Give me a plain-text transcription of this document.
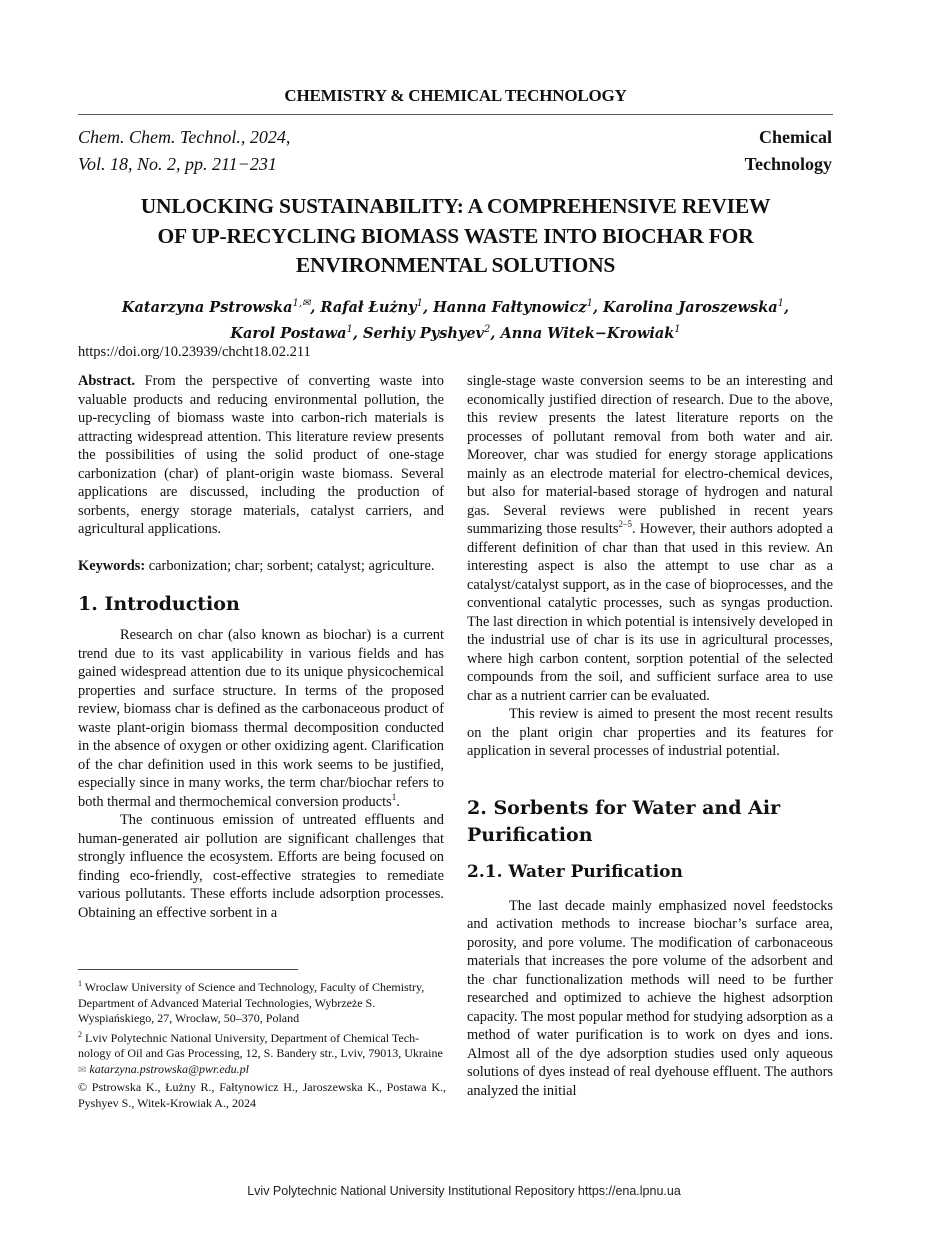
CHEMISTRY & CHEMICAL TECHNOLOGY
Chem. Chem. Technol., 2024,
Vol. 18, No. 2, pp. 211−231
Chemical
Technology
UNLOCKING SUSTAINABILITY: A COMPREHENSIVE REVIEW
OF UP-RECYCLING BIOMASS WASTE INTO BIOCHAR FOR
ENVIRONMENTAL SOLUTIONS
Katarzyna Pstrowska$^{1,✉}$, Rafał Łużny$^1$, Hanna Fałtynowicz$^1$, Karolina Jaroszewska$^1$,
Karol Postawa$^1$, Serhiy Pyshyev$^2$, Anna Witek−Krowiak$^1$
https://doi.org/10.23939/chcht18.02.211

Abstract. From the perspective of converting waste into valuable products and reducing environmental pollution, the up-recycling of biomass waste into carbon-rich materials is attracting widespread attention. This literature review presents the possibilities of using the solid product of one-stage carbonization (char) of plant-origin waste biomass. Several applications are discussed, including the production of sorbents, energy storage materials, catalyst carriers, and agricultural applications.

Keywords: carbonization; char; sorbent; catalyst; agriculture.

1. Introduction

Research on char (also known as biochar) is a current trend due to its vast applicability in various fields and has gained widespread attention due to its unique physicochemical properties and surface structure. In terms of the proposed review, biomass char is defined as the carbonaceous product of waste plant-origin biomass thermal decomposition conducted in the absence of oxygen or other oxidizing agent. Clarification of the char definition used in this work seems to be justified, especially since in many works, the term char/biochar refers to both thermal and thermochemical conversion products$^1$.

The continuous emission of untreated effluents and human-generated air pollution are significant challenges that strongly influence the ecosystem. Efforts are being focused on finding eco-friendly, cost-effective strategies to remediate various pollutants. These efforts include adsorption processes. Obtaining an effective sorbent in a

$^1$ Wroclaw University of Science and Technology, Faculty of Chemistry, Department of Advanced Material Technologies, Wybrzeże S. Wyspiańskiego, 27, Wrocław, 50–370, Poland

$^2$ Lviv Polytechnic National University, Department of Chemical Tech-nology of Oil and Gas Processing, 12, S. Bandery str., Lviv, 79013, Ukraine

✉ katarzyna.pstrowska@pwr.edu.pl

© Pstrowska K., Łużny R., Fałtynowicz H., Jaroszewska K., Postawa K., Pyshyev S., Witek-Krowiak A., 2024

single-stage waste conversion seems to be an interesting and economically justified direction of research. Due to the above, this review presents the latest literature reports on the processes of pollutant removal from both water and air. Moreover, char was studied for energy storage applications mainly as an electrode material for electro-chemical devices, but also for material-based storage of hydrogen and natural gas. Several reviews were published in recent years summarizing those results$^{2-5}$. However, their authors adopted a different definition of char than that used in this review. An interesting aspect is also the attempt to use char as a catalyst/catalyst support, as in the case of bioprocesses, and the conventional catalytic processes, such as syngas production. The last direction in which potential is intensively developed in the industrial use of char is its use in agricultural processes, where high carbon content, sorption potential of the selected compounds from the soil, and sufficient surface area to use char as a nutrient carrier can be evaluated.

This review is aimed to present the most recent results on the plant origin char properties and its features for application in several processes of industrial potential.

2. Sorbents for Water and Air Purification
2.1. Water Purification

The last decade mainly emphasized novel feedstocks and activation methods to increase biochar’s surface area, porosity, and pore volume. The modification of carbonaceous materials that increases the pore volume of the adsorbent and the char functionalization methods will need to be further researched and optimized to achieve the highest adsorption capacity. The most popular method for studying adsorption as a method of water purification is to work on dyes and ions. Almost all of the dye adsorption studies used only aqueous solutions of dyes instead of real dyehouse effluent. The authors analyzed the initial

Lviv Polytechnic National University Institutional Repository https://ena.lpnu.ua
